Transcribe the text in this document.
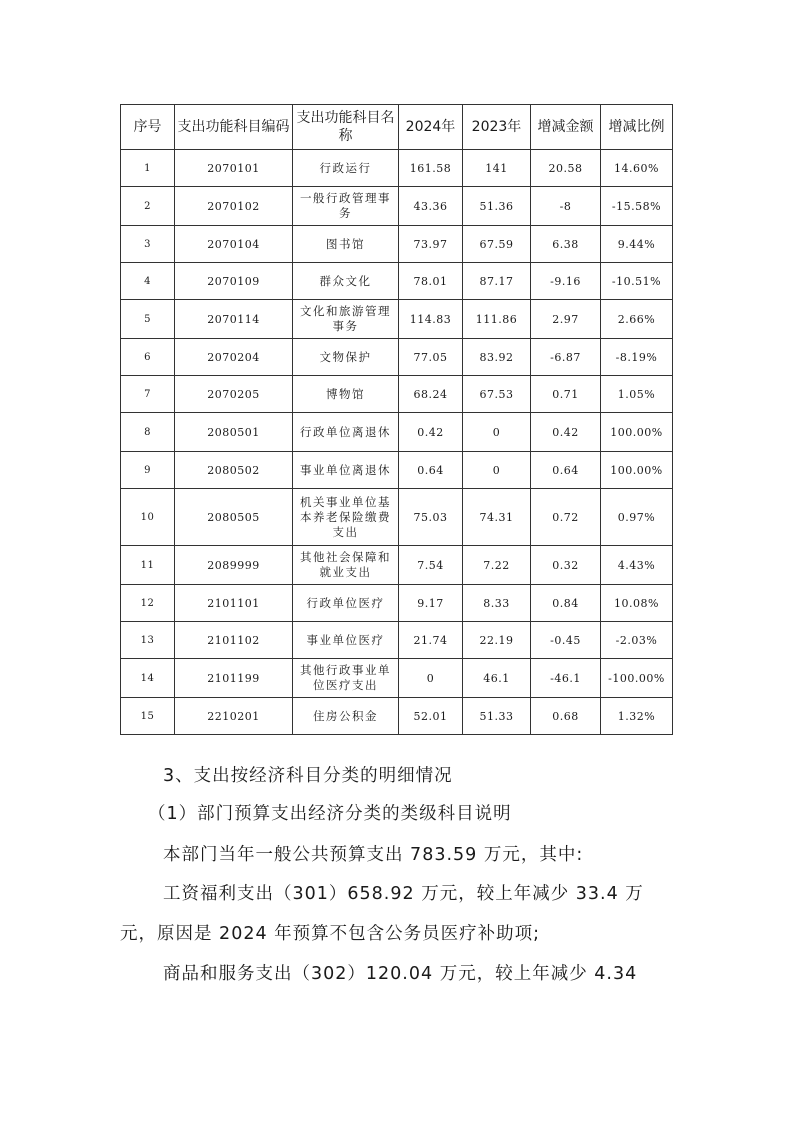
序号	支出功能科目编码	支出功能科目名称	2024年	2023年	增减金额	增减比例
1	2070101	行政运行	161.58	141	20.58	14.60%
2	2070102	一般行政管理事务	43.36	51.36	-8	-15.58%
3	2070104	图书馆	73.97	67.59	6.38	9.44%
4	2070109	群众文化	78.01	87.17	-9.16	-10.51%
5	2070114	文化和旅游管理事务	114.83	111.86	2.97	2.66%
6	2070204	文物保护	77.05	83.92	-6.87	-8.19%
7	2070205	博物馆	68.24	67.53	0.71	1.05%
8	2080501	行政单位离退休	0.42	0	0.42	100.00%
9	2080502	事业单位离退休	0.64	0	0.64	100.00%
10	2080505	机关事业单位基本养老保险缴费支出	75.03	74.31	0.72	0.97%
11	2089999	其他社会保障和就业支出	7.54	7.22	0.32	4.43%
12	2101101	行政单位医疗	9.17	8.33	0.84	10.08%
13	2101102	事业单位医疗	21.74	22.19	-0.45	-2.03%
14	2101199	其他行政事业单位医疗支出	0	46.1	-46.1	-100.00%
15	2210201	住房公积金	52.01	51.33	0.68	1.32%
3、支出按经济科目分类的明细情况
（1）部门预算支出经济分类的类级科目说明
本部门当年一般公共预算支出 783.59 万元，其中:
工资福利支出（301）658.92 万元，较上年减少 33.4 万
元，原因是 2024 年预算不包含公务员医疗补助项;
商品和服务支出（302）120.04 万元，较上年减少 4.34
